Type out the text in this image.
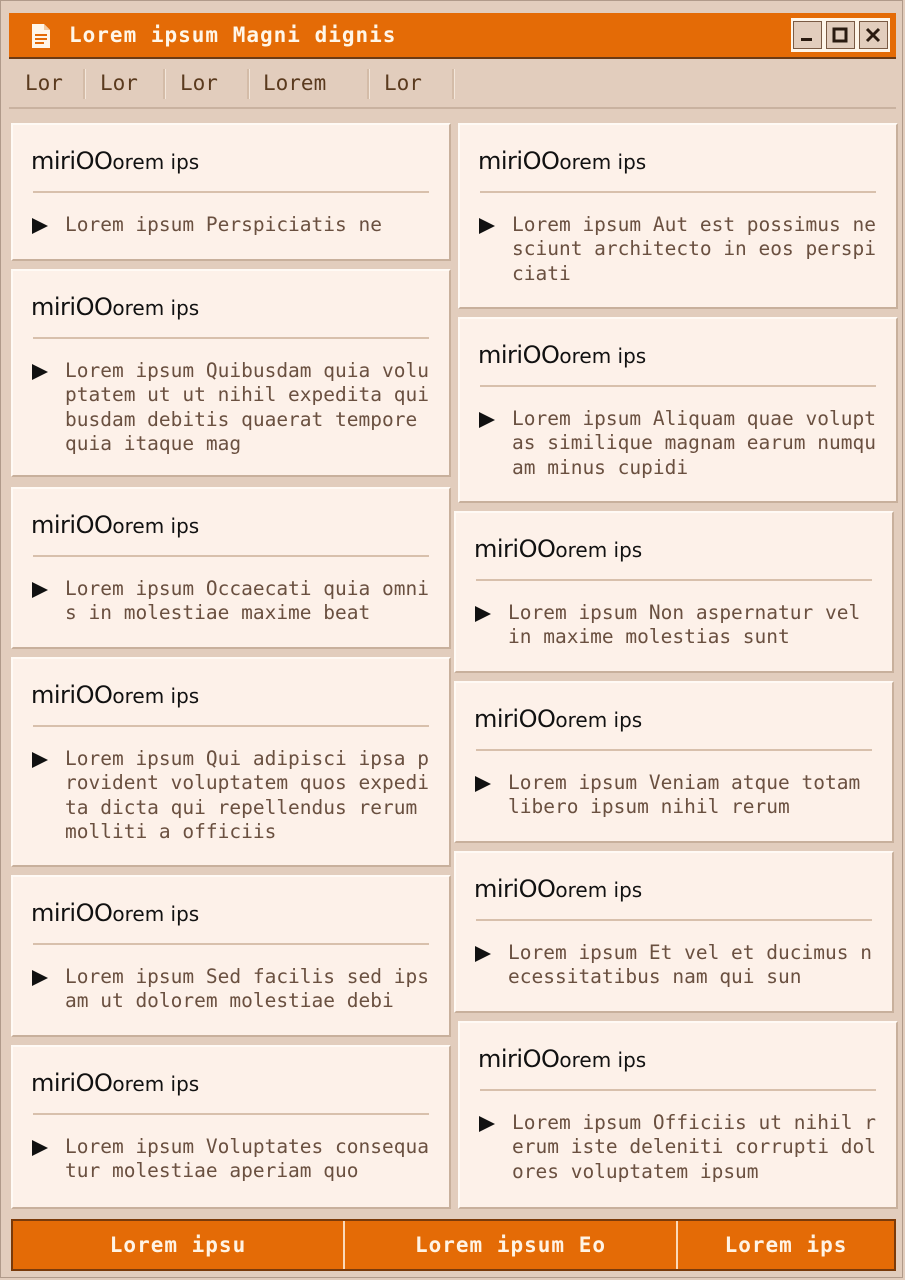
Lorem ipsum Magni dignis
Lor Lor Lor Lorem	Lor
miriOO orem ips
Lorem ipsum Perspiciatis ne
miriOO orem ips
Lorem ipsum Quibusdam quia voluptatem ut ut nihil expedita quibusdam debitis quaerat tempore quia itaque mag
miriOO orem ips
Lorem ipsum Occaecati quia omnis in molestiae maxime beat
miriOO orem ips
Lorem ipsum Qui adipisci ipsa provident voluptatem quos expedita dicta qui repellendus rerum molliti a officiis
miriOO orem ips
Lorem ipsum Sed facilis sed ipsam ut dolorem molestiae debi
miriOO orem ips
Lorem ipsum Voluptates consequatur molestiae aperiam quo
miriOO orem ips
Lorem ipsum Aut est possimus nesciunt architecto in eos perspiciati
miriOO orem ips
Lorem ipsum Aliquam quae voluptas similique magnam earum numquam minus cupidi
miriOO orem ips
Lorem ipsum Non aspernatur vel in maxime molestias sunt
miriOO orem ips
Lorem ipsum Veniam atque totam libero ipsum nihil rerum
miriOO orem ips
Lorem ipsum Et vel et ducimus necessitatibus nam qui sun
miriOO orem ips
Lorem ipsum Officiis ut nihil rerum iste deleniti corrupti dolores voluptatem ipsum
Lorem ipsu	Lorem ipsum Eo	Lorem ips
